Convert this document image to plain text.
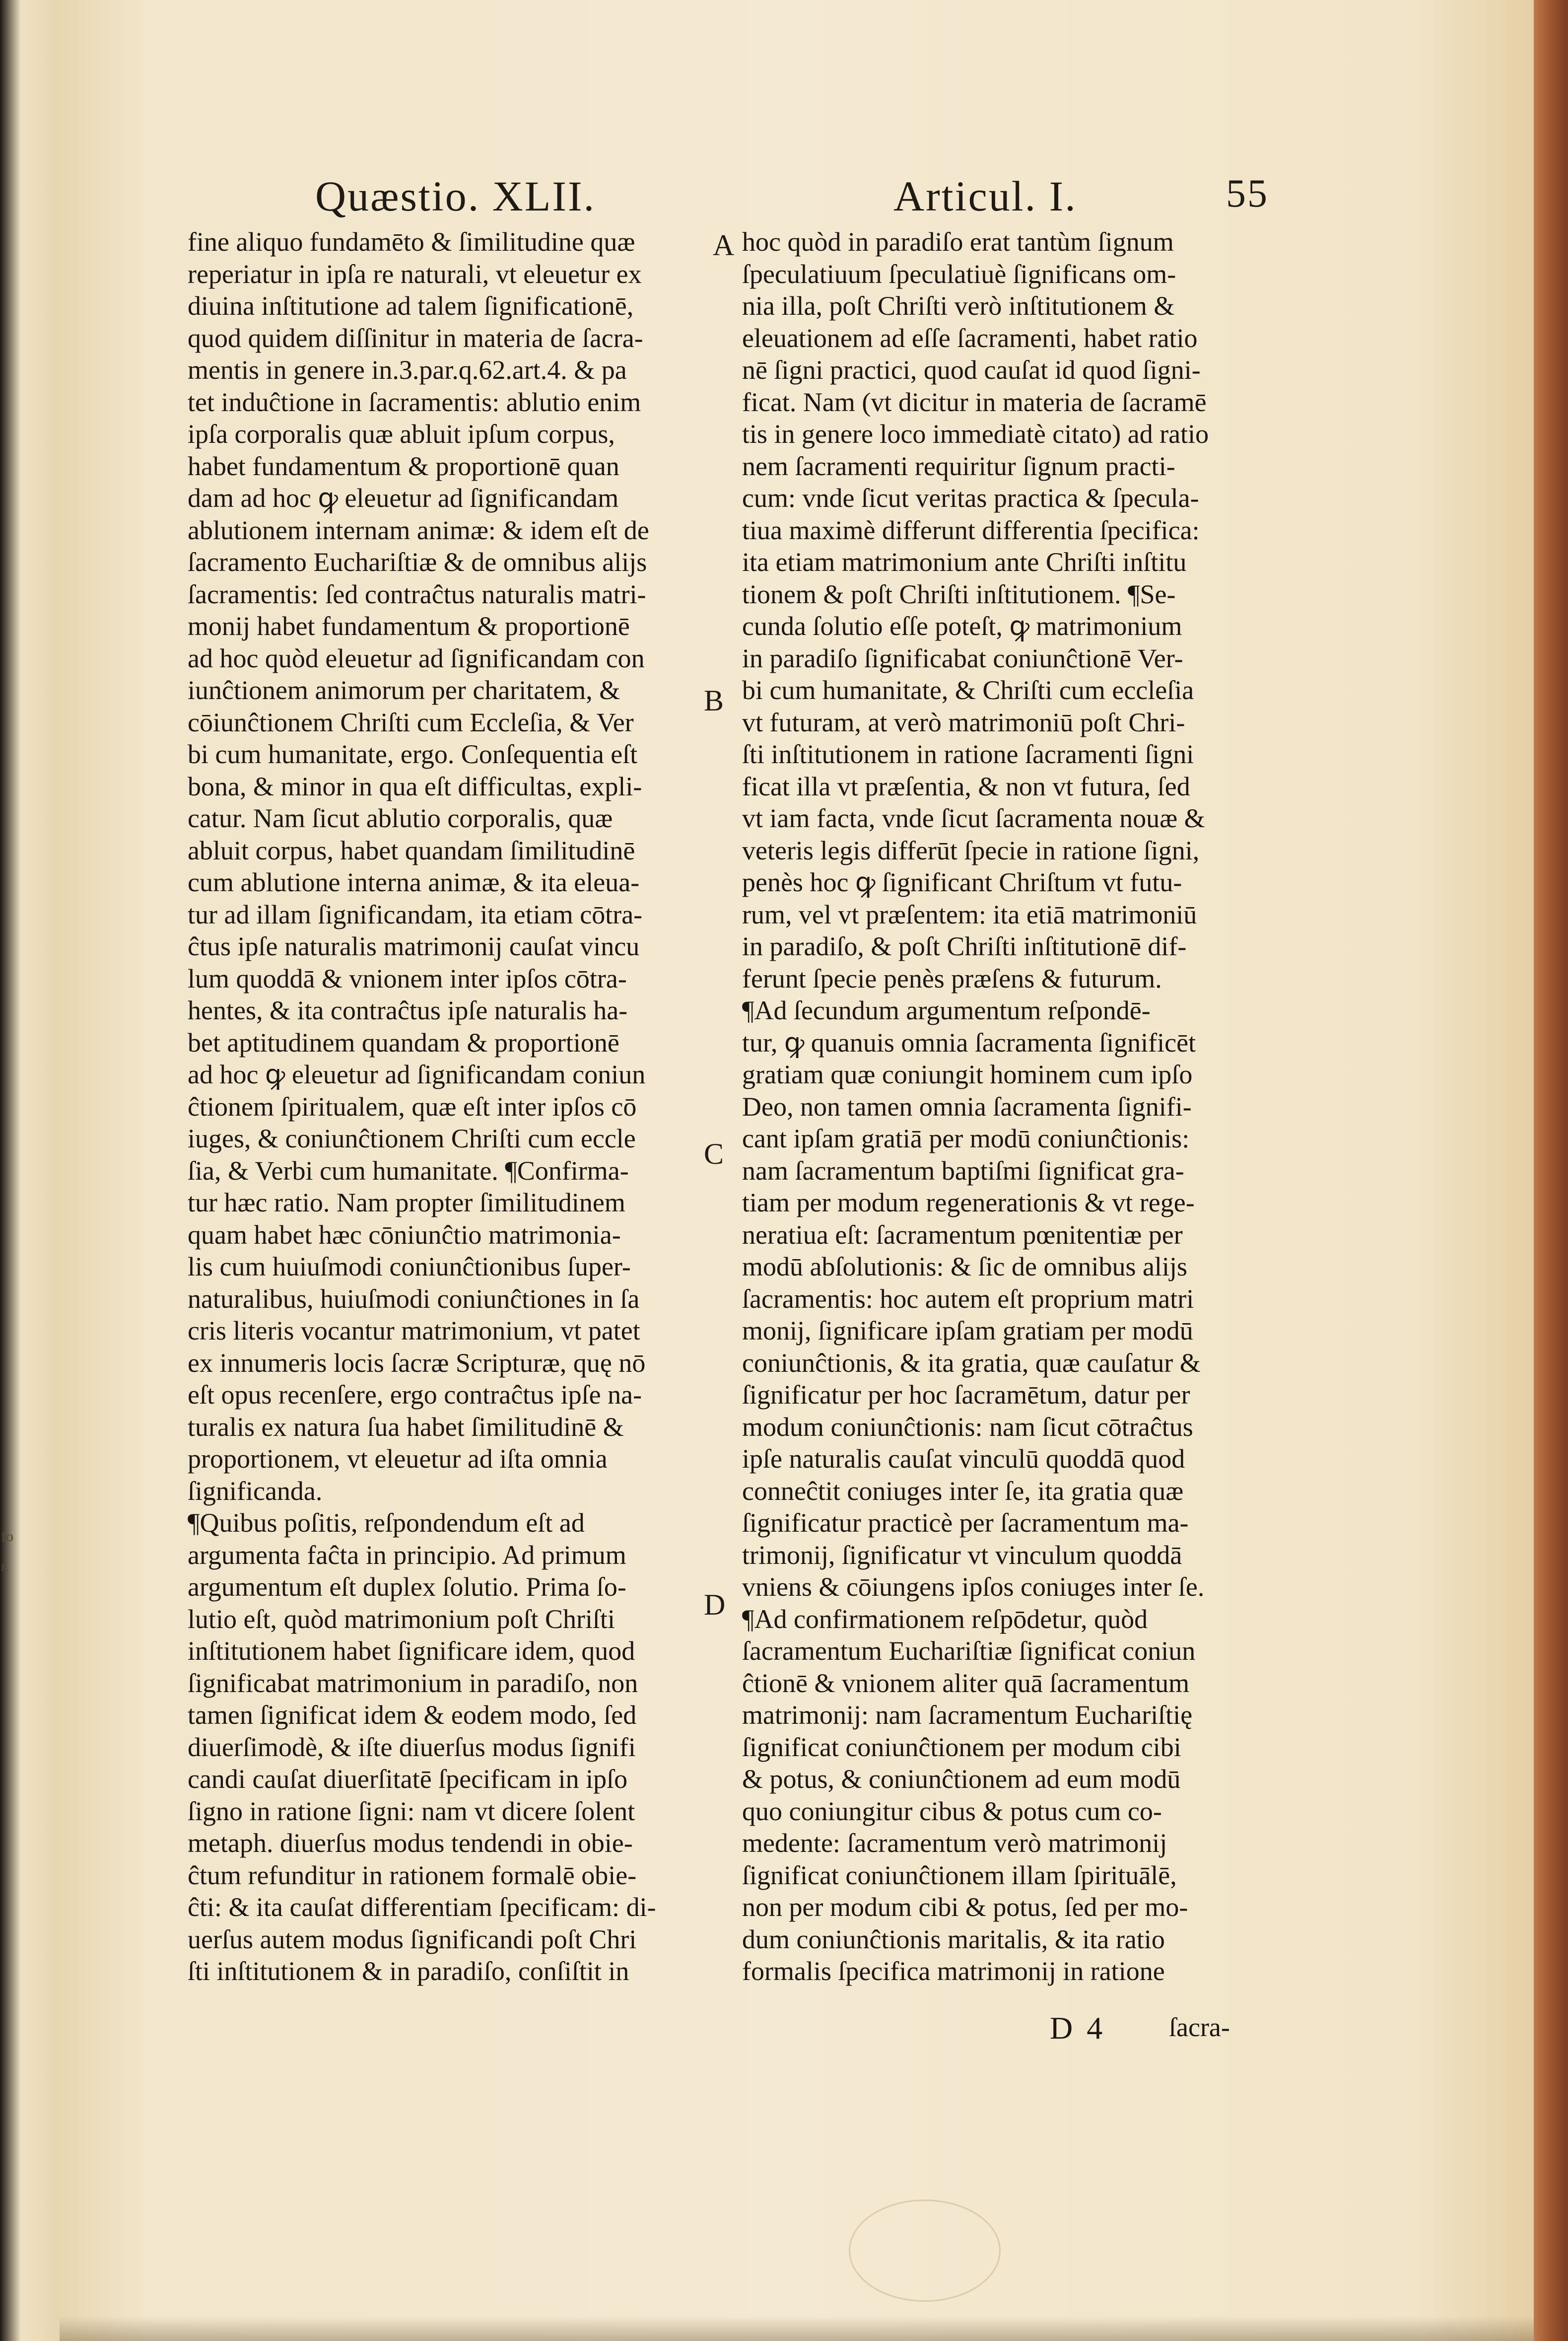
fo
r.
Quæstio. XLII.	Articul. I.	55
fine aliquo fundamēto & ſimilitudine quæ
reperiatur in ipſa re naturali, vt eleuetur ex
diuina inſtitutione ad talem ſignificationē,
quod quidem diſſinitur in materia de ſacra-
mentis in genere in.3.par.q.62.art.4. & pa
tet induĉtione in ſacramentis: ablutio enim
ipſa corporalis quæ abluit ipſum corpus,
habet fundamentum & proportionē quan
dam ad hoc ꝙ eleuetur ad ſignificandam
ablutionem internam animæ: & idem eſt de
ſacramento Euchariſtiæ & de omnibus alijs
ſacramentis: ſed contraĉtus naturalis matri-
monij habet fundamentum & proportionē
ad hoc quòd eleuetur ad ſignificandam con
iunĉtionem animorum per charitatem, &
cōiunĉtionem Chriſti cum Eccleſia, & Ver
bi cum humanitate, ergo. Conſequentia eſt
bona, & minor in qua eſt difficultas, expli-
catur. Nam ſicut ablutio corporalis, quæ
abluit corpus, habet quandam ſimilitudinē
cum ablutione interna animæ, & ita eleua-
tur ad illam ſignificandam, ita etiam cōtra-
ĉtus ipſe naturalis matrimonij cauſat vincu
lum quoddā & vnionem inter ipſos cōtra-
hentes, & ita contraĉtus ipſe naturalis ha-
bet aptitudinem quandam & proportionē
ad hoc ꝙ eleuetur ad ſignificandam coniun
ĉtionem ſpiritualem, quæ eſt inter ipſos cō
iuges, & coniunĉtionem Chriſti cum eccle
ſia, & Verbi cum humanitate. ¶Confirma-
tur hæc ratio. Nam propter ſimilitudinem
quam habet hæc cōniunĉtio matrimonia-
lis cum huiuſmodi coniunĉtionibus ſuper-
naturalibus, huiuſmodi coniunĉtiones in ſa
cris literis vocantur matrimonium, vt patet
ex innumeris locis ſacræ Scripturæ, quę nō
eſt opus recenſere, ergo contraĉtus ipſe na-
turalis ex natura ſua habet ſimilitudinē &
proportionem, vt eleuetur ad iſta omnia
ſignificanda.
¶Quibus poſitis, reſpondendum eſt ad
argumenta faĉta in principio. Ad primum
argumentum eſt duplex ſolutio. Prima ſo-
lutio eſt, quòd matrimonium poſt Chriſti
inſtitutionem habet ſignificare idem, quod
ſignificabat matrimonium in paradiſo, non
tamen ſignificat idem & eodem modo, ſed
diuerſimodè, & iſte diuerſus modus ſignifi
candi cauſat diuerſitatē ſpecificam in ipſo
ſigno in ratione ſigni: nam vt dicere ſolent
metaph. diuerſus modus tendendi in obie-
ĉtum refunditur in rationem formalē obie-
ĉti: & ita cauſat differentiam ſpecificam: di-
uerſus autem modus ſignificandi poſt Chri
ſti inſtitutionem & in paradiſo, conſiſtit in
hoc quòd in paradiſo erat tantùm ſignum
ſpeculatiuum ſpeculatiuè ſignificans om-
nia illa, poſt Chriſti verò inſtitutionem &
eleuationem ad eſſe ſacramenti, habet ratio
nē ſigni practici, quod cauſat id quod ſigni-
ficat. Nam (vt dicitur in materia de ſacramē
tis in genere loco immediatè citato) ad ratio
nem ſacramenti requiritur ſignum practi-
cum: vnde ſicut veritas practica & ſpecula-
tiua maximè differunt differentia ſpecifica:
ita etiam matrimonium ante Chriſti inſtitu
tionem & poſt Chriſti inſtitutionem. ¶Se-
cunda ſolutio eſſe poteſt, ꝙ matrimonium
in paradiſo ſignificabat coniunĉtionē Ver-
bi cum humanitate, & Chriſti cum eccleſia
vt futuram, at verò matrimoniū poſt Chri-
ſti inſtitutionem in ratione ſacramenti ſigni
ficat illa vt præſentia, & non vt futura, ſed
vt iam facta, vnde ſicut ſacramenta nouæ &
veteris legis differūt ſpecie in ratione ſigni,
penès hoc ꝙ ſignificant Chriſtum vt futu-
rum, vel vt præſentem: ita etiā matrimoniū
in paradiſo, & poſt Chriſti inſtitutionē dif-
ferunt ſpecie penès præſens & futurum.
¶Ad ſecundum argumentum reſpondē-
tur, ꝙ quanuis omnia ſacramenta ſignificēt
gratiam quæ coniungit hominem cum ipſo
Deo, non tamen omnia ſacramenta ſignifi-
cant ipſam gratiā per modū coniunĉtionis:
nam ſacramentum baptiſmi ſignificat gra-
tiam per modum regenerationis & vt rege-
neratiua eſt: ſacramentum pœnitentiæ per
modū abſolutionis: & ſic de omnibus alijs
ſacramentis: hoc autem eſt proprium matri
monij, ſignificare ipſam gratiam per modū
coniunĉtionis, & ita gratia, quæ cauſatur &
ſignificatur per hoc ſacramētum, datur per
modum coniunĉtionis: nam ſicut cōtraĉtus
ipſe naturalis cauſat vinculū quoddā quod
conneĉtit coniuges inter ſe, ita gratia quæ
ſignificatur practicè per ſacramentum ma-
trimonij, ſignificatur vt vinculum quoddā
vniens & cōiungens ipſos coniuges inter ſe.
¶Ad confirmationem reſpōdetur, quòd
ſacramentum Euchariſtiæ ſignificat coniun
ĉtionē & vnionem aliter quā ſacramentum
matrimonij: nam ſacramentum Euchariſtię
ſignificat coniunĉtionem per modum cibi
& potus, & coniunĉtionem ad eum modū
quo coniungitur cibus & potus cum co-
medente: ſacramentum verò matrimonij
ſignificat coniunĉtionem illam ſpirituālē,
non per modum cibi & potus, ſed per mo-
dum coniunĉtionis maritalis, & ita ratio
formalis ſpecifica matrimonij in ratione
A
B
C
D
D 4 ſacra-
